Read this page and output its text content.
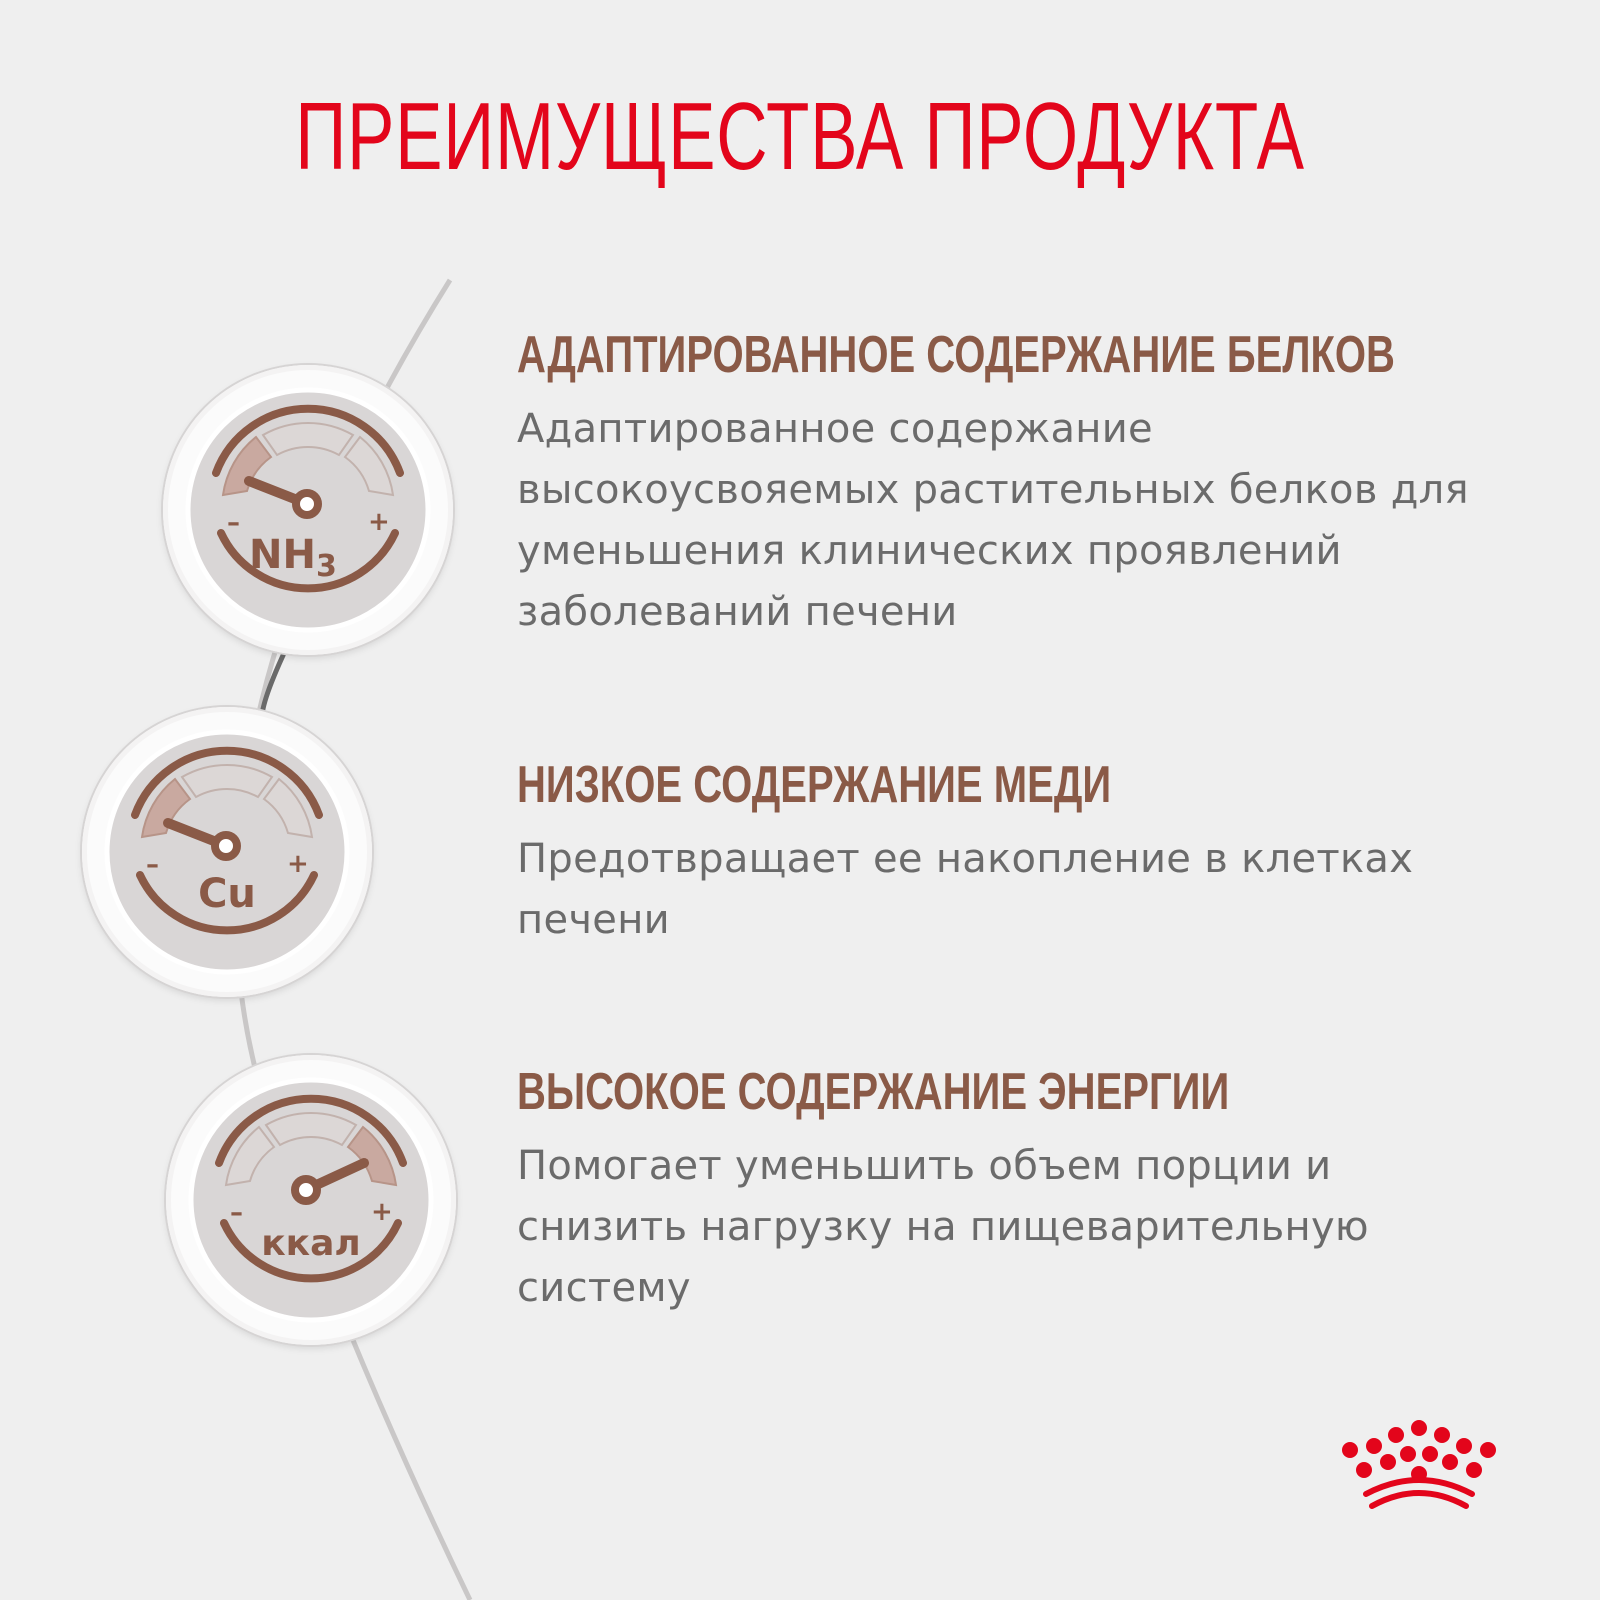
ПРЕИМУЩЕСТВА ПРОДУКТА
–	+
$NH_3$
АДАПТИРОВАННОЕ СОДЕРЖАНИЕ БЕЛКОВ
Адаптированное содержание высокоусвояемых растительных белков для уменьшения клинических проявлений заболеваний печени
–	+
Cu
НИЗКОЕ СОДЕРЖАНИЕ МЕДИ
Предотвращает ее накопление в клетках печени
–	+
ккал
ВЫСОКОЕ СОДЕРЖАНИЕ ЭНЕРГИИ
Помогает уменьшить объем порции и снизить нагрузку на пищеварительную систему
